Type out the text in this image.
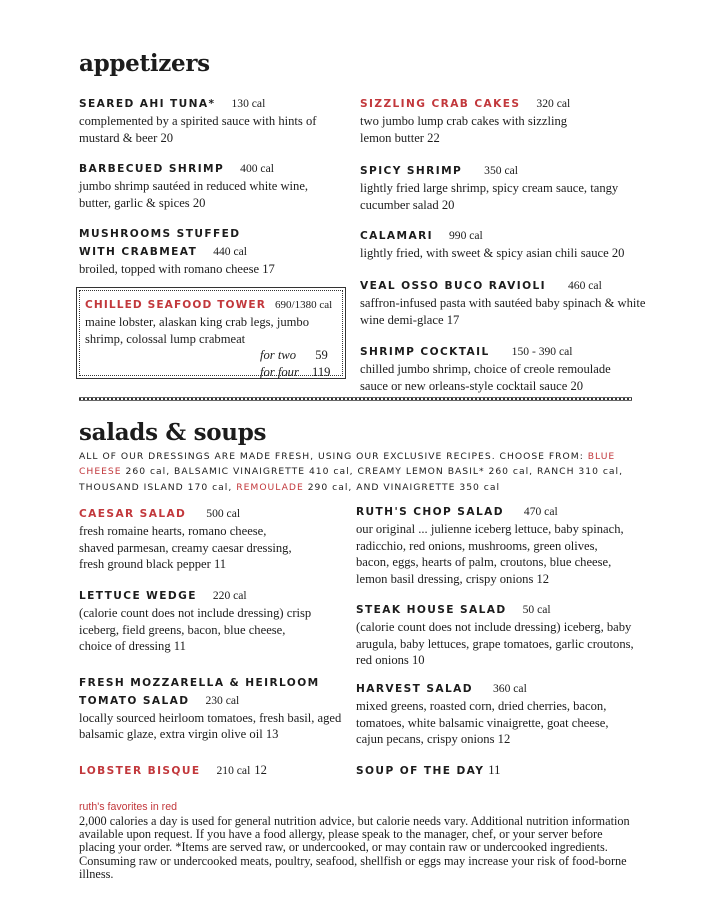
appetizers
SEARED AHI TUNA* 130 cal
complemented by a spirited sauce with hints of mustard & beer 20
BARBECUED SHRIMP 400 cal
jumbo shrimp sautéed in reduced white wine, butter, garlic & spices 20
MUSHROOMS STUFFED
WITH CRABMEAT 440 cal
broiled, topped with romano cheese 17
CHILLED SEAFOOD TOWER 690/1380 cal
maine lobster, alaskan king crab legs, jumbo shrimp, colossal lump crabmeat
for two 59
for four 119
SIZZLING CRAB CAKES 320 cal
two jumbo lump crab cakes with sizzling lemon butter 22
SPICY SHRIMP 350 cal
lightly fried large shrimp, spicy cream sauce, tangy cucumber salad 20
CALAMARI 990 cal
lightly fried, with sweet & spicy asian chili sauce 20
VEAL OSSO BUCO RAVIOLI 460 cal
saffron-infused pasta with sautéed baby spinach & white wine demi-glace 17
SHRIMP COCKTAIL 150 - 390 cal
chilled jumbo shrimp, choice of creole remoulade sauce or new orleans-style cocktail sauce 20
salads & soups
ALL OF OUR DRESSINGS ARE MADE FRESH, USING OUR EXCLUSIVE RECIPES. CHOOSE FROM: BLUE CHEESE 260 cal, BALSAMIC VINAIGRETTE 410 cal, CREAMY LEMON BASIL* 260 cal, RANCH 310 cal, THOUSAND ISLAND 170 cal, REMOULADE 290 cal, AND VINAIGRETTE 350 cal
CAESAR SALAD 500 cal
fresh romaine hearts, romano cheese, shaved parmesan, creamy caesar dressing, fresh ground black pepper 11
LETTUCE WEDGE 220 cal
(calorie count does not include dressing) crisp iceberg, field greens, bacon, blue cheese, choice of dressing 11
FRESH MOZZARELLA & HEIRLOOM
TOMATO SALAD 230 cal
locally sourced heirloom tomatoes, fresh basil, aged balsamic glaze, extra virgin olive oil 13
LOBSTER BISQUE 210 cal 12
RUTH'S CHOP SALAD 470 cal
our original ... julienne iceberg lettuce, baby spinach, radicchio, red onions, mushrooms, green olives, bacon, eggs, hearts of palm, croutons, blue cheese, lemon basil dressing, crispy onions 12
STEAK HOUSE SALAD 50 cal
(calorie count does not include dressing) iceberg, baby arugula, baby lettuces, grape tomatoes, garlic croutons, red onions 10
HARVEST SALAD 360 cal
mixed greens, roasted corn, dried cherries, bacon, tomatoes, white balsamic vinaigrette, goat cheese, cajun pecans, crispy onions 12
SOUP OF THE DAY 11
ruth's favorites in red
2,000 calories a day is used for general nutrition advice, but calorie needs vary. Additional nutrition information available upon request. If you have a food allergy, please speak to the manager, chef, or your server before placing your order. *Items are served raw, or undercooked, or may contain raw or undercooked ingredients. Consuming raw or undercooked meats, poultry, seafood, shellfish or eggs may increase your risk of food-borne illness.
